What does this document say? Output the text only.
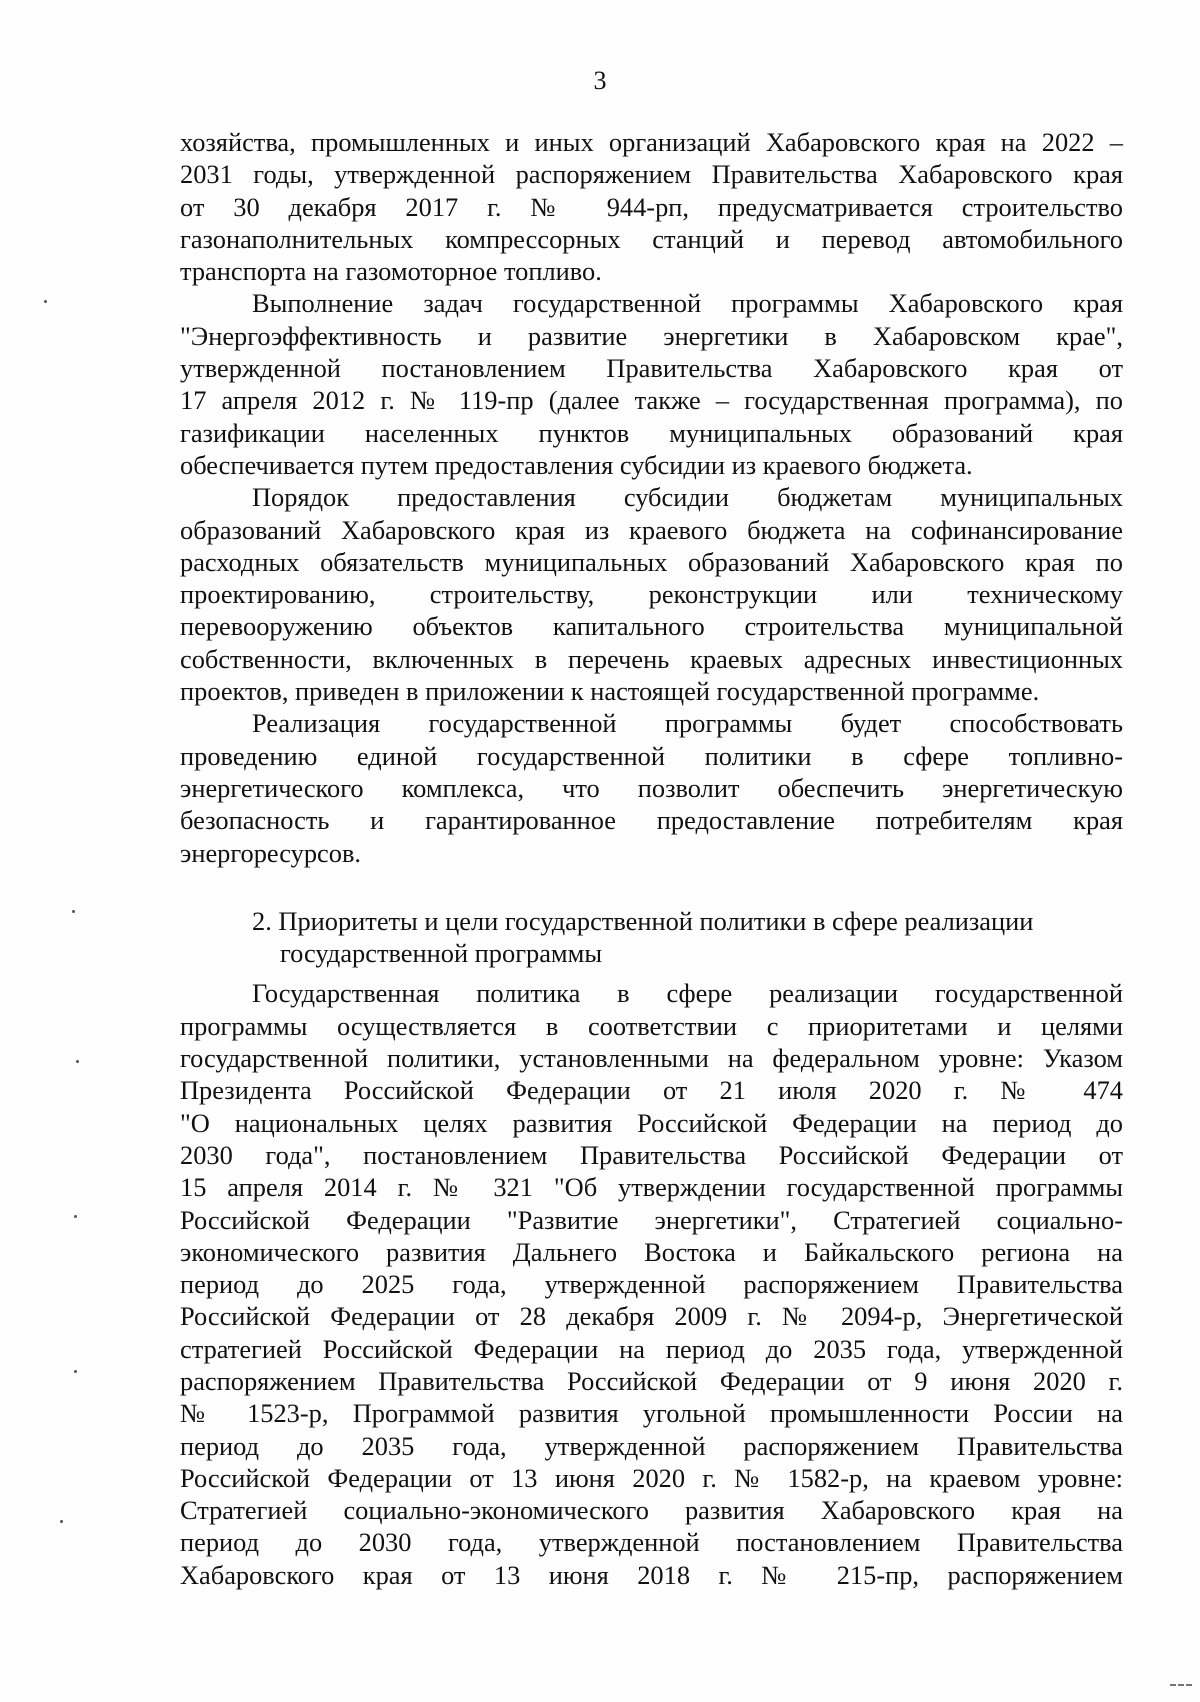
3
хозяйства, промышленных и иных организаций Хабаровского края на 2022 –
2031 годы, утвержденной распоряжением Правительства Хабаровского края
от 30 декабря 2017 г. № 944-рп, предусматривается строительство
газонаполнительных компрессорных станций и перевод автомобильного
транспорта на газомоторное топливо.
Выполнение задач государственной программы Хабаровского края
"Энергоэффективность и развитие энергетики в Хабаровском крае",
утвержденной постановлением Правительства Хабаровского края от
17 апреля 2012 г. № 119-пр (далее также – государственная программа), по
газификации населенных пунктов муниципальных образований края
обеспечивается путем предоставления субсидии из краевого бюджета.
Порядок предоставления субсидии бюджетам муниципальных
образований Хабаровского края из краевого бюджета на софинансирование
расходных обязательств муниципальных образований Хабаровского края по
проектированию, строительству, реконструкции или техническому
перевооружению объектов капитального строительства муниципальной
собственности, включенных в перечень краевых адресных инвестиционных
проектов, приведен в приложении к настоящей государственной программе.
Реализация государственной программы будет способствовать
проведению единой государственной политики в сфере топливно-
энергетического комплекса, что позволит обеспечить энергетическую
безопасность и гарантированное предоставление потребителям края
энергоресурсов.
2. Приоритеты и цели государственной политики в сфере реализации
государственной программы
Государственная политика в сфере реализации государственной
программы осуществляется в соответствии с приоритетами и целями
государственной политики, установленными на федеральном уровне: Указом
Президента Российской Федерации от 21 июля 2020 г. № 474
"О национальных целях развития Российской Федерации на период до
2030 года", постановлением Правительства Российской Федерации от
15 апреля 2014 г. № 321 "Об утверждении государственной программы
Российской Федерации "Развитие энергетики", Стратегией социально-
экономического развития Дальнего Востока и Байкальского региона на
период до 2025 года, утвержденной распоряжением Правительства
Российской Федерации от 28 декабря 2009 г. № 2094-р, Энергетической
стратегией Российской Федерации на период до 2035 года, утвержденной
распоряжением Правительства Российской Федерации от 9 июня 2020 г.
№ 1523-р, Программой развития угольной промышленности России на
период до 2035 года, утвержденной распоряжением Правительства
Российской Федерации от 13 июня 2020 г. № 1582-р, на краевом уровне:
Стратегией социально-экономического развития Хабаровского края на
период до 2030 года, утвержденной постановлением Правительства
Хабаровского края от 13 июня 2018 г. № 215-пр, распоряжением
